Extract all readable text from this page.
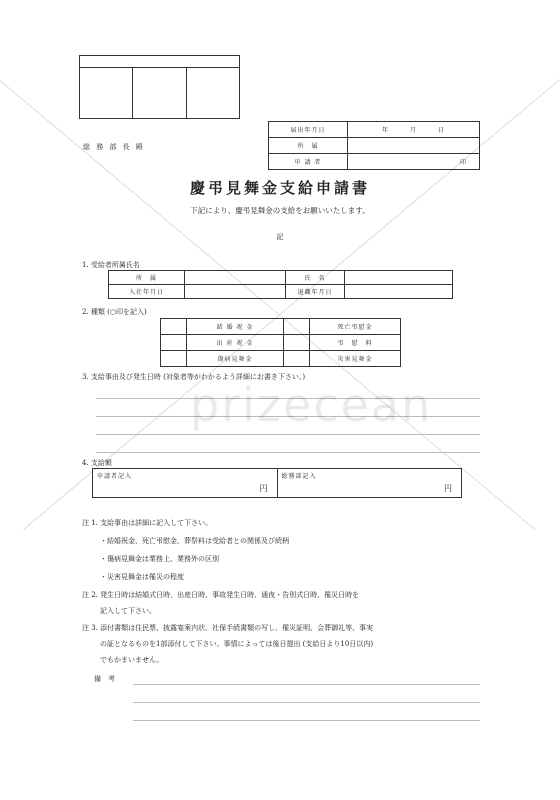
総 務 部 長 殿
届出年月日	年　　　月　　　日
所　属	
申 請 者	印
慶弔見舞金支給申請書
下記により、慶弔見舞金の支給をお願いいたします。
記
1. 受給者所属氏名
所　属		氏　名	
入社年月日		退職年月日	
2. 種類 (○印を記入)
	結 婚 祝 金		死亡弔慰金
	出 産 祝 金		弔　慰　料
	傷病見舞金		災害見舞金
3. 支給事由及び発生日時 (対象者等がわかるよう詳細にお書き下さい。)
prizecean
4. 支給額
申請者記入
円

総務部記入
円
注 1. 支給事由は詳細に記入して下さい。
・結婚祝金、死亡弔慰金、葬祭料は受給者との関係及び続柄
・傷病見舞金は業務上、業務外の区別
・災害見舞金は罹災の程度
注 2. 発生日時は結婚式日時、出産日時、事故発生日時、通夜・告別式日時、罹災日時を
記入して下さい。
注 3. 添付書類は住民票、披露宴案内状、社保手続書類の写し、罹災証明、会葬御礼等、事実
の証となるものを1部添付して下さい。事情によっては後日提出 (支給日より10日以内)
でもかまいません。
備　考
